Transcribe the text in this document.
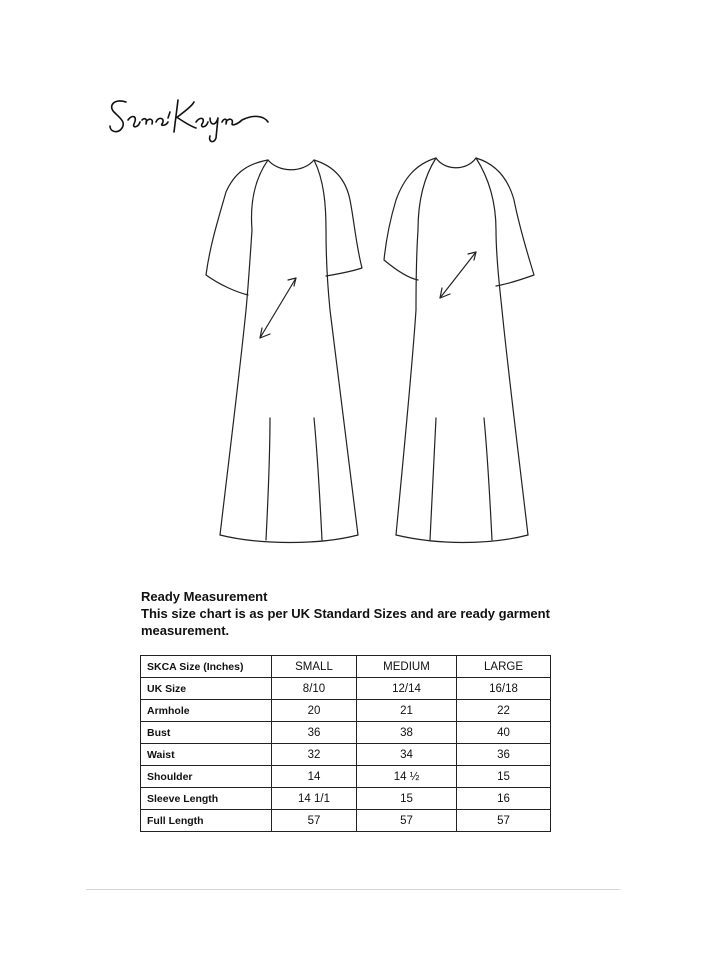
Ready Measurement
This size chart is as per UK Standard Sizes and are ready garment
measurement.
SKCA Size (Inches)	SMALL	MEDIUM	LARGE
UK Size	8/10	12/14	16/18
Armhole	20	21	22
Bust	36	38	40
Waist	32	34	36
Shoulder	14	14 ½	15
Sleeve Length	14 1/1	15	16
Full Length	57	57	57
